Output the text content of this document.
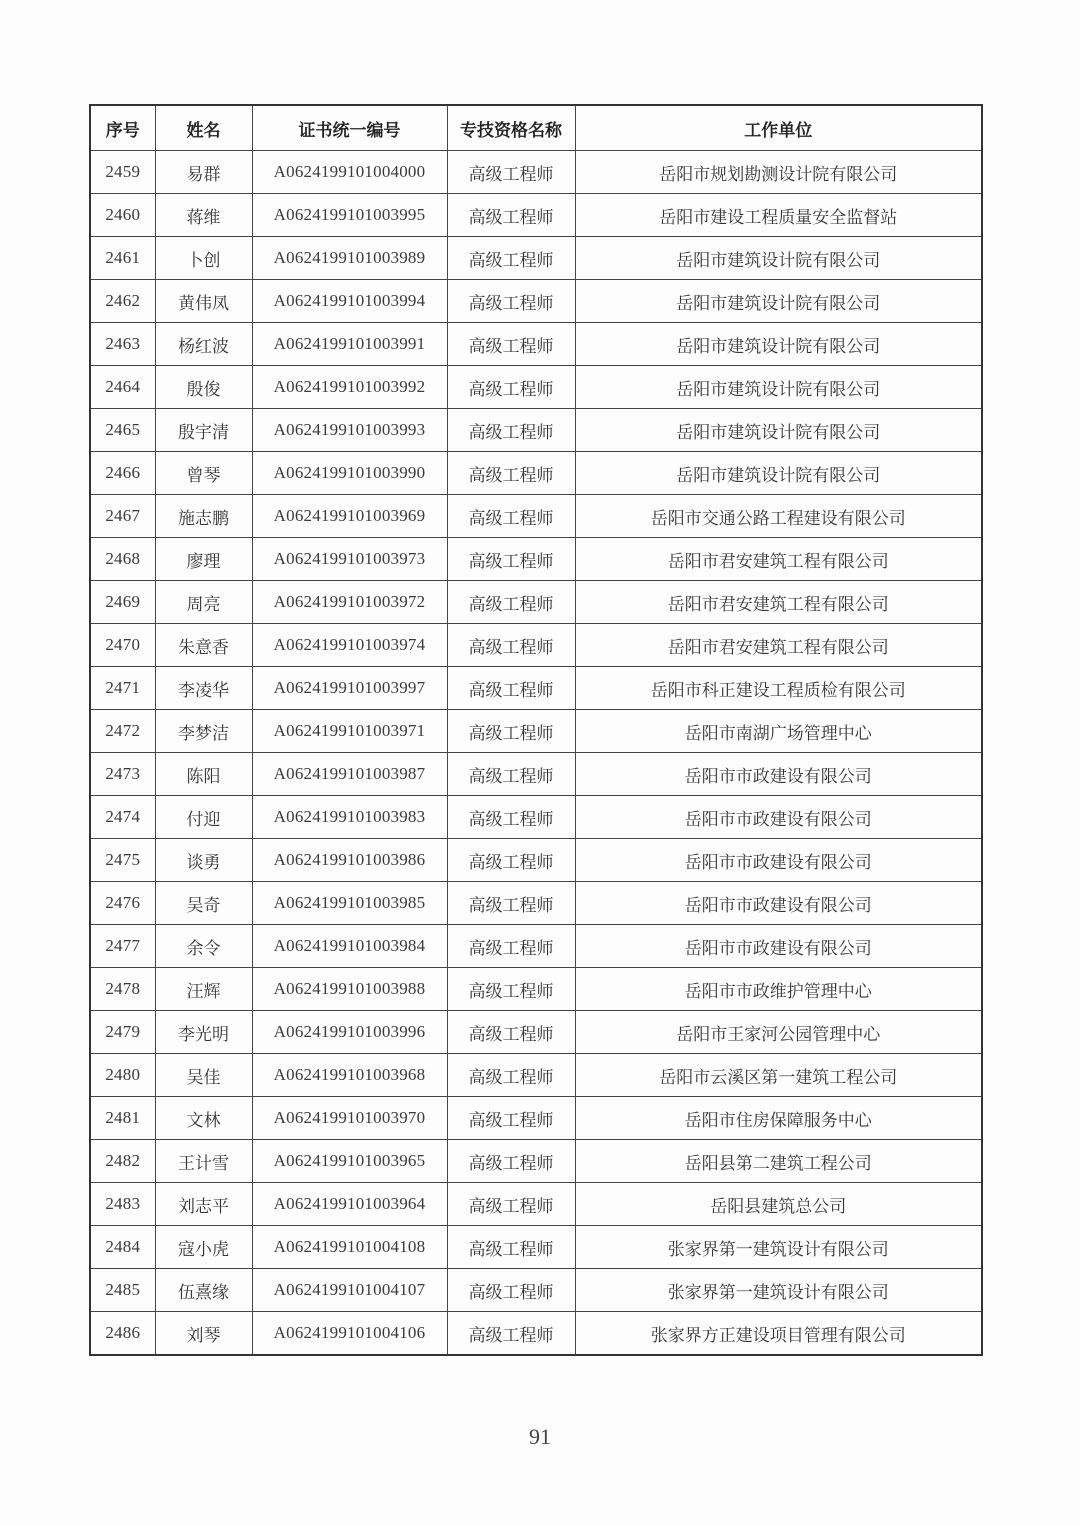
序号	姓名	证书统一编号	专技资格名称	工作单位
2459	易群	A0624199101004000	高级工程师	岳阳市规划勘测设计院有限公司
2460	蒋维	A0624199101003995	高级工程师	岳阳市建设工程质量安全监督站
2461	卜创	A0624199101003989	高级工程师	岳阳市建筑设计院有限公司
2462	黄伟凤	A0624199101003994	高级工程师	岳阳市建筑设计院有限公司
2463	杨红波	A0624199101003991	高级工程师	岳阳市建筑设计院有限公司
2464	殷俊	A0624199101003992	高级工程师	岳阳市建筑设计院有限公司
2465	殷宇清	A0624199101003993	高级工程师	岳阳市建筑设计院有限公司
2466	曾琴	A0624199101003990	高级工程师	岳阳市建筑设计院有限公司
2467	施志鹏	A0624199101003969	高级工程师	岳阳市交通公路工程建设有限公司
2468	廖理	A0624199101003973	高级工程师	岳阳市君安建筑工程有限公司
2469	周亮	A0624199101003972	高级工程师	岳阳市君安建筑工程有限公司
2470	朱意香	A0624199101003974	高级工程师	岳阳市君安建筑工程有限公司
2471	李凌华	A0624199101003997	高级工程师	岳阳市科正建设工程质检有限公司
2472	李梦洁	A0624199101003971	高级工程师	岳阳市南湖广场管理中心
2473	陈阳	A0624199101003987	高级工程师	岳阳市市政建设有限公司
2474	付迎	A0624199101003983	高级工程师	岳阳市市政建设有限公司
2475	谈勇	A0624199101003986	高级工程师	岳阳市市政建设有限公司
2476	吴奇	A0624199101003985	高级工程师	岳阳市市政建设有限公司
2477	余令	A0624199101003984	高级工程师	岳阳市市政建设有限公司
2478	汪辉	A0624199101003988	高级工程师	岳阳市市政维护管理中心
2479	李光明	A0624199101003996	高级工程师	岳阳市王家河公园管理中心
2480	吴佳	A0624199101003968	高级工程师	岳阳市云溪区第一建筑工程公司
2481	文林	A0624199101003970	高级工程师	岳阳市住房保障服务中心
2482	王计雪	A0624199101003965	高级工程师	岳阳县第二建筑工程公司
2483	刘志平	A0624199101003964	高级工程师	岳阳县建筑总公司
2484	寇小虎	A0624199101004108	高级工程师	张家界第一建筑设计有限公司
2485	伍熹缘	A0624199101004107	高级工程师	张家界第一建筑设计有限公司
2486	刘琴	A0624199101004106	高级工程师	张家界方正建设项目管理有限公司
91
